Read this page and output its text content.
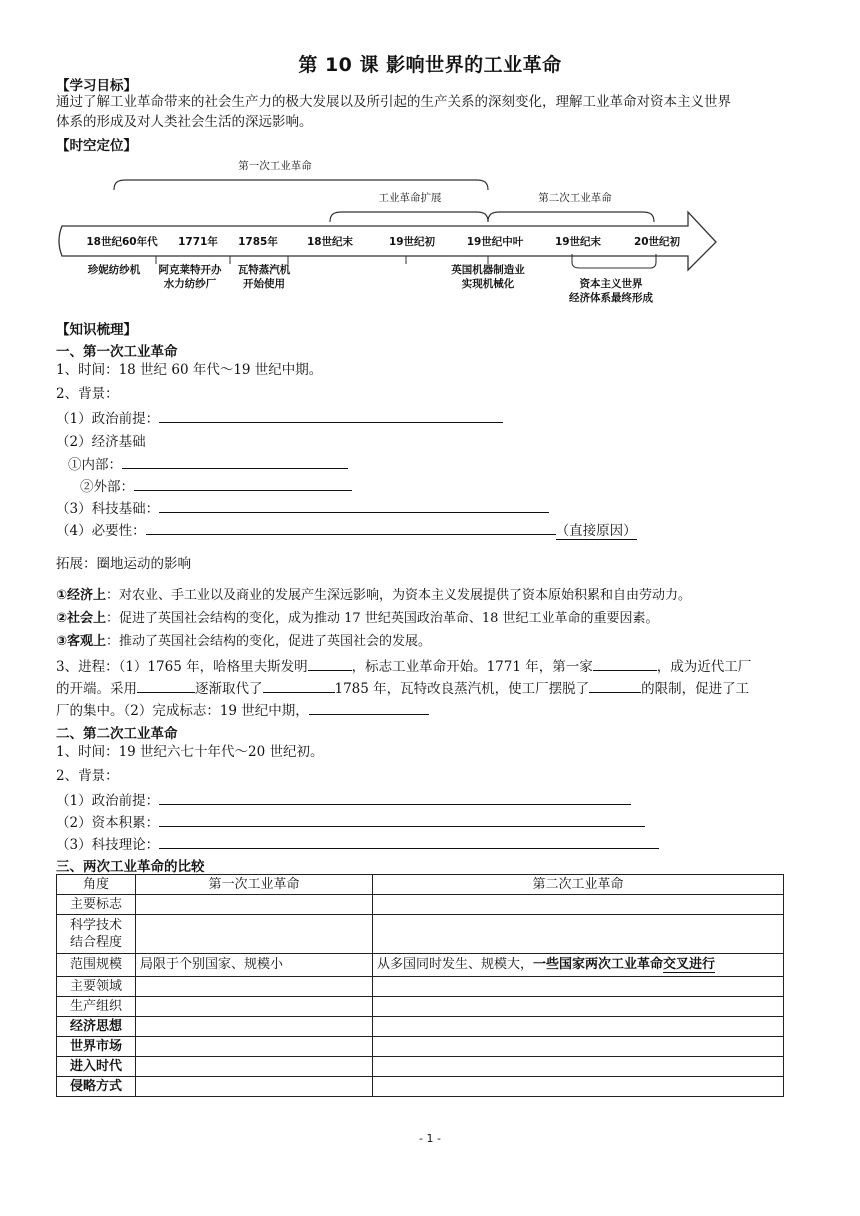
第 10 课 影响世界的工业革命
【学习目标】
通过了解工业革命带来的社会生产力的极大发展以及所引起的生产关系的深刻变化，理解工业革命对资本主义世界
体系的形成及对人类社会生活的深远影响。
【时空定位】
第一次工业革命
工业革命扩展	第二次工业革命
18世纪60年代	1771年	1785年	18世纪末	19世纪初	19世纪中叶	19世纪末	20世纪初
珍妮纺纱机	阿克莱特开办
水力纺纱厂
瓦特蒸汽机
开始使用
英国机器制造业
实现机械化	资本主义世界
经济体系最终形成
【知识梳理】
一、第一次工业革命
1、时间：18 世纪 60 年代～19 世纪中期。
2、背景：
（1）政治前提：
（2）经济基础
①内部：
②外部：
（3）科技基础：
（4）必要性：	（直接原因）
拓展：圈地运动的影响
①经济上：对农业、手工业以及商业的发展产生深远影响，为资本主义发展提供了资本原始积累和自由劳动力。
②社会上：促进了英国社会结构的变化，成为推动 17 世纪英国政治革命、18 世纪工业革命的重要因素。
③客观上：推动了英国社会结构的变化，促进了英国社会的发展。
3、进程：（1）1765 年，哈格里夫斯发明	，标志工业革命开始。1771 年，第一家	，成为近代工厂
的开端。采用	逐渐取代了	1785 年，瓦特改良蒸汽机，使工厂摆脱了	的限制，促进了工
厂的集中。（2）完成标志：19 世纪中期，
二、第二次工业革命
1、时间：19 世纪六七十年代～20 世纪初。
2、背景：
（1）政治前提：
（2）资本积累：
（3）科技理论：
三、两次工业革命的比较
角度	第一次工业革命	第二次工业革命
主要标志		

科学技术
结合程度		

范围规模	局限于个别国家、规模小	从多国同时发生、规模大，一些国家两次工业革命交叉进行
主要领域		
生产组织		
经济思想		
世界市场		
进入时代		
侵略方式		
- 1 -
